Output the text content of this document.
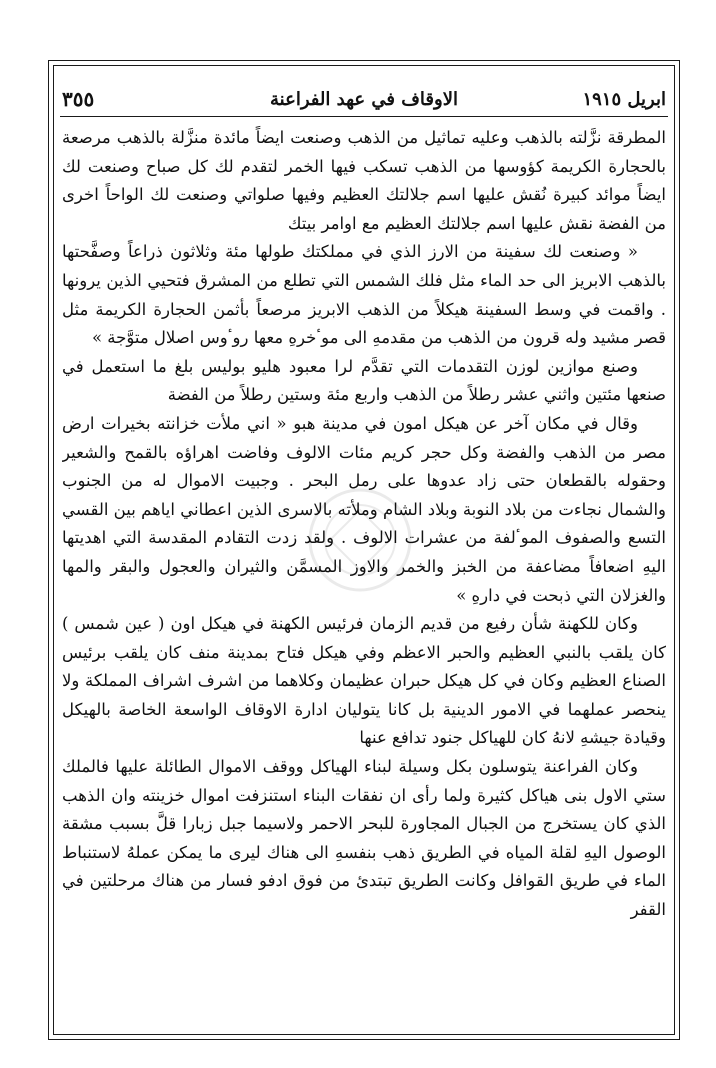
ابريل ١٩١٥
الاوقاف في عهد الفراعنة
٣٥٥

المطرقة نزَّلته بالذهب وعليه تماثيل من الذهب وصنعت ايضاً مائدة منزَّلة بالذهب مرصعة بالحجارة الكريمة كؤوسها من الذهب تسكب فيها الخمر لتقدم لك كل صباح وصنعت لك ايضاً موائد كبيرة نُقش عليها اسم جلالتك العظيم وفيها صلواتي وصنعت لك الواحاً اخرى من الفضة نقش عليها اسم جلالتك العظيم مع اوامر بيتك

« وصنعت لك سفينة من الارز الذي في مملكتك طولها مئة وثلاثون ذراعاً وصفَّحتها بالذهب الابريز الى حد الماء مثل فلك الشمس التي تطلع من المشرق فتحيي الذين يرونها . واقمت في وسط السفينة هيكلاً من الذهب الابريز مرصعاً بأثمن الحجارة الكريمة مثل قصر مشيد وله قرون من الذهب من مقدمهِ الى موٴخرهِ معها روٴوس اصلال متوَّجة »

وصنع موازين لوزن التقدمات التي تقدَّم لرا معبود هليو بوليس بلغ ما استعمل في صنعها مئتين واثني عشر رطلاً من الذهب واربع مئة وستين رطلاً من الفضة

وقال في مكان آخر عن هيكل امون في مدينة هبو « اني ملأت خزانته بخيرات ارض مصر من الذهب والفضة وكل حجر كريم مئات الالوف وفاضت اهراؤه بالقمح والشعير وحقوله بالقطعان حتى زاد عدوها على رمل البحر . وجبيت الاموال له من الجنوب والشمال نجاءت من بلاد النوبة وبلاد الشام وملأته بالاسرى الذين اعطاني اياهم بين القسي التسع والصفوف الموٴلفة من عشرات الالوف . ولقد زدت التقادم المقدسة التي اهديتها اليهِ اضعافاً مضاعفة من الخبز والخمر والاوز المسمَّن والثيران والعجول والبقر والمها والغزلان التي ذبحت في دارهِ »

وكان للكهنة شأن رفيع من قديم الزمان فرئيس الكهنة في هيكل اون ( عين شمس ) كان يلقب بالنبي العظيم والحبر الاعظم وفي هيكل فتاح بمدينة منف كان يلقب برئيس الصناع العظيم وكان في كل هيكل حبران عظيمان وكلاهما من اشرف اشراف المملكة ولا ينحصر عملهما في الامور الدينية بل كانا يتوليان ادارة الاوقاف الواسعة الخاصة بالهيكل وقيادة جيشهِ لانهُ كان للهياكل جنود تدافع عنها

وكان الفراعنة يتوسلون بكل وسيلة لبناء الهياكل ووقف الاموال الطائلة عليها فالملك ستي الاول بنى هياكل كثيرة ولما رأى ان نفقات البناء استنزفت اموال خزينته وان الذهب الذي كان يستخرج من الجبال المجاورة للبحر الاحمر ولاسيما جبل زبارا قلَّ بسبب مشقة الوصول اليهِ لقلة المياه في الطريق ذهب بنفسهِ الى هناك ليرى ما يمكن عملهُ لاستنباط الماء في طريق القوافل وكانت الطريق تبتدئ من فوق ادفو فسار من هناك مرحلتين في القفر
